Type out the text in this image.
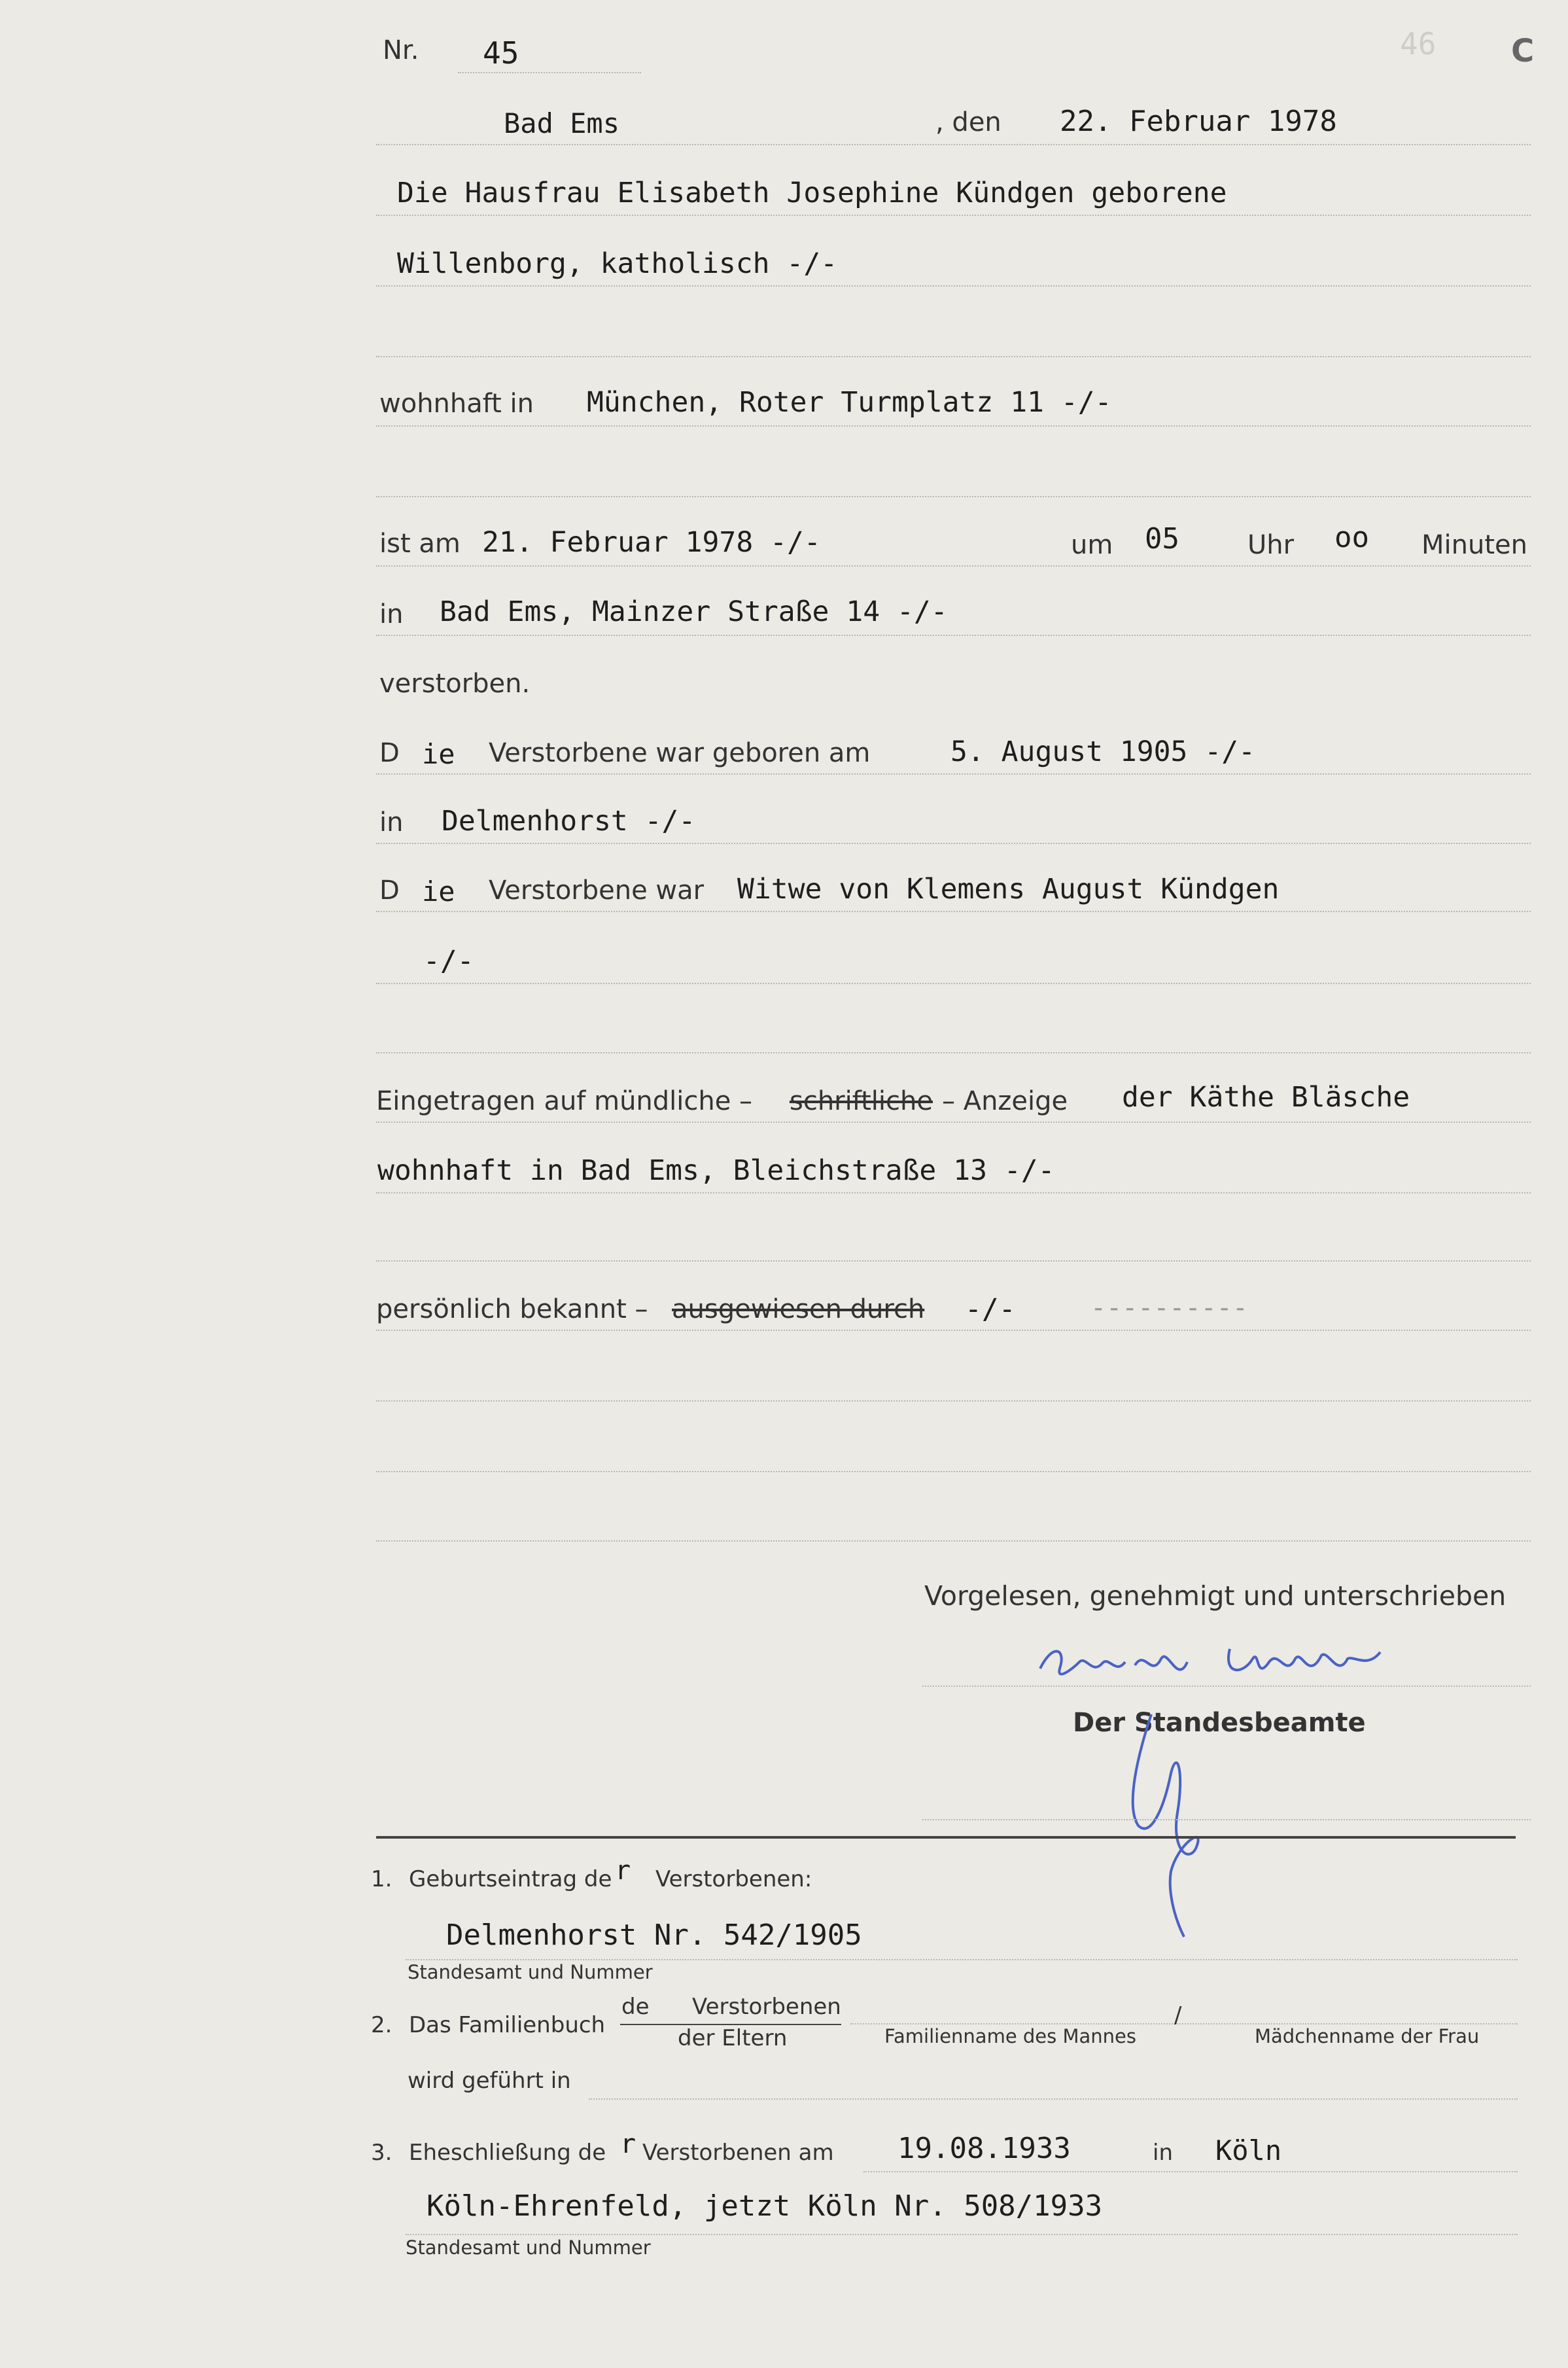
46 C
Nr. 45
Bad Ems	, den 22. Februar 1978
Die Hausfrau Elisabeth Josephine Kündgen geborene
Willenborg, katholisch -/-
wohnhaft in München, Roter Turmplatz 11 -/-
ist am 21. Februar 1978 -/-	um 05	Uhr oo Minuten
in Bad Ems, Mainzer Straße 14 -/-
verstorben.
D ie Verstorbene war geboren am	5. August 1905 -/-
in Delmenhorst -/-
D ie Verstorbene war Witwe von Klemens August Kündgen
-/-
Eingetragen auf mündliche – schriftliche – Anzeige der Käthe Bläsche
wohnhaft in Bad Ems, Bleichstraße 13 -/-
persönlich bekannt – ausgewiesen durch -/-	----------
Vorgelesen, genehmigt und unterschrieben
Der Standesbeamte
1. Geburtseintrag de r Verstorbenen:
Delmenhorst Nr. 542/1905
Standesamt und Nummer
2. Das Familienbuch
de Verstorbenen
der Eltern
/
Familienname des Mannes	Mädchenname der Frau
wird geführt in
3. Eheschließung de r Verstorbenen am 19.08.1933	in Köln
Köln-Ehrenfeld, jetzt Köln Nr. 508/1933
Standesamt und Nummer
